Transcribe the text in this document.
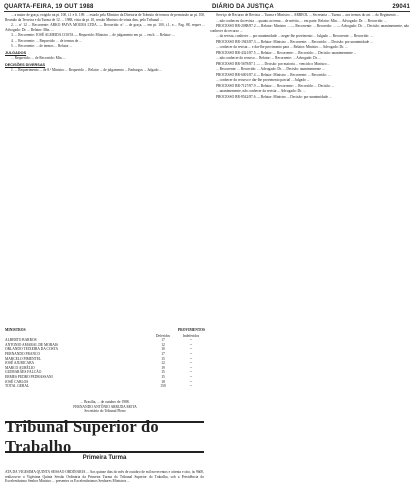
QUARTA-FEIRA, 19 OUT 1988	DIÁRIO DA JUSTIÇA	29041

... a maior de graça, exigido na pt. 100, t.1 e lt. 109. ... estado pela Ministro da Diretoria de Trânsito de termos de permissão ao pt. 100, Reunião da Terceira e da Turma de 12. ... 1988, vista da pt. 10, sessão Ministro de trinta dias, pelo Tribunal ...

2. ... nº 12 ... Recorrente: ARKO PAIVA MOURA LTDA. — Recorrido: nº ... de graça, ... em pt. 100, t.1, e.... Pag. 88, requer ... Advogado: Dr. ... Relator: Min. ...

3. ... Recorrente: JOSÉ ALMEIDA COSTA — Requerido: Ministro ... de julgamento em pt. ... em lt. ... Relator: ...

4. ... Recorrente: ... Requerido: ... de termos de ...

5. ... Recorrente: ... de termos ... Relator ...

JULGADOS

... Requerido: ... de Recorrido: Min. ...

DECISÕES DIVERSAS

1. ... Requerimento ... de 8.ª Ministro ... Requerido ... Relator ... de julgamento ... Embargos ... Julgado ...

MINISTROS	PROVIMENTOS
Deferidos	Indeferidos
ALBERTO BARROS	17	--
ANTONIO AMARAL DE MORAIS	12	--
ORLANDO TEIXEIRA DA COSTA	10	--
FERNANDO FRANCO	17	--
MARCELO PIMENTEL	15	--
JOSÉ AJURICABA	12	--
MARCO AURÉLIO	19	--
GUIMARÃES FALCÃO	15	--
ERMES PEDRO PEDRASSANI	15	--
JOSÉ CARLOS	18	--
TOTAL GERAL	150	--
... Brasília, ... de outubro de 1988.
FERNANDO ANTÔNIO ARRUDA MOTA
Secretário do Tribunal Pleno
Tribunal Superior do Trabalho
Primeira Turma
ATA DA VIGÉSIMA QUINTA SESSÃO ORDINÁRIA ... Aos quinze dias do mês de outubro de mil novecentos e oitenta e oito, às 9h00, realizou-se a Vigésima Quinta Sessão Ordinária da Primeira Turma do Tribunal Superior do Trabalho, sob a Presidência do Excelentíssimo Senhor Ministro ... presentes os Excelentíssimos Senhores Ministros ...

Serviço de Recurso de Revista ... Turma e Ministro ... ARREOL ... Secretaria ... Turma ... aos termos do art. ... do Regimento ...

... não conheceu da revista ... quanto ao tema ... de mérito, ... em parte. Relator: Min. ... Advogado: Dr. ... Recorrido: ...

PROCESSO RR-2088/87.2 — Relator: Ministro ... — Recorrente: ... Recorrido: ... — Advogado: Dr. ... Decisão: unanimemente, não conhecer do recurso ...

... da revista, conhecer ... por unanimidade ... negar-lhe provimento ... Julgado ... Recorrente: ... Recorrido: ...

PROCESSO RR-1943/87.3 — Relator: Ministro ... Recorrente: ... Recorrido: ... Decisão: por unanimidade ...

... conhecer da revista ... e dar-lhe provimento para ... Relator: Ministro ... Advogado: Dr. ...

PROCESSO RR-4321/87.5 — Relator: ... Recorrente: ... Recorrido: ... Decisão: unanimemente ...

... não conhecer do recurso ... Relator: ... Recorrente: ... Advogado: Dr. ...

PROCESSO RR-5678/87.1 — ... Decisão: por maioria ... vencido o Ministro ...

... Recorrente: ... Recorrido: ... Advogado: Dr. ... Decisão: unanimemente ...

PROCESSO RR-6001/87.4 — Relator: Ministro ... Recorrente: ... Recorrido: ...

... conhecer do recurso e dar-lhe provimento parcial ... Julgado ...

PROCESSO RR-7127/87.9 — Relator: ... Recorrente: ... Recorrido: ... Decisão: ...

... unanimemente, não conhecer da revista ... Advogado: Dr. ...

PROCESSO RR-8542/87.6 — Relator: Ministro ... Decisão: por unanimidade ...
